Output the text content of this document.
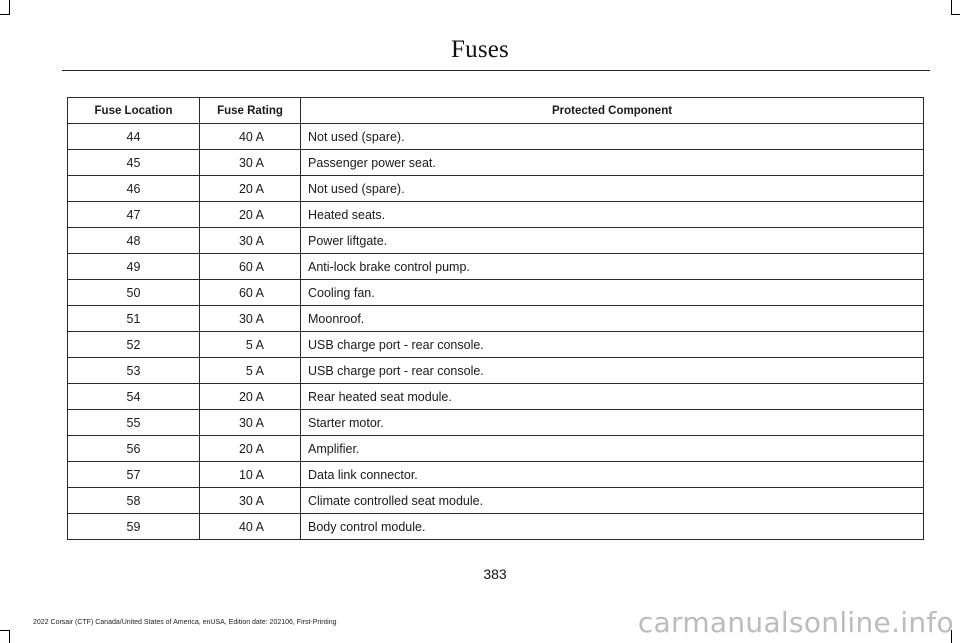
Fuses
Fuse Location	Fuse Rating	Protected Component
44	40 A	Not used (spare).
45	30 A	Passenger power seat.
46	20 A	Not used (spare).
47	20 A	Heated seats.
48	30 A	Power liftgate.
49	60 A	Anti-lock brake control pump.
50	60 A	Cooling fan.
51	30 A	Moonroof.
52	5 A	USB charge port - rear console.
53	5 A	USB charge port - rear console.
54	20 A	Rear heated seat module.
55	30 A	Starter motor.
56	20 A	Amplifier.
57	10 A	Data link connector.
58	30 A	Climate controlled seat module.
59	40 A	Body control module.
383
2022 Corsair (CTF) Canada/United States of America, enUSA, Edition date: 202106, First-Printing	carmanualsonline.info
